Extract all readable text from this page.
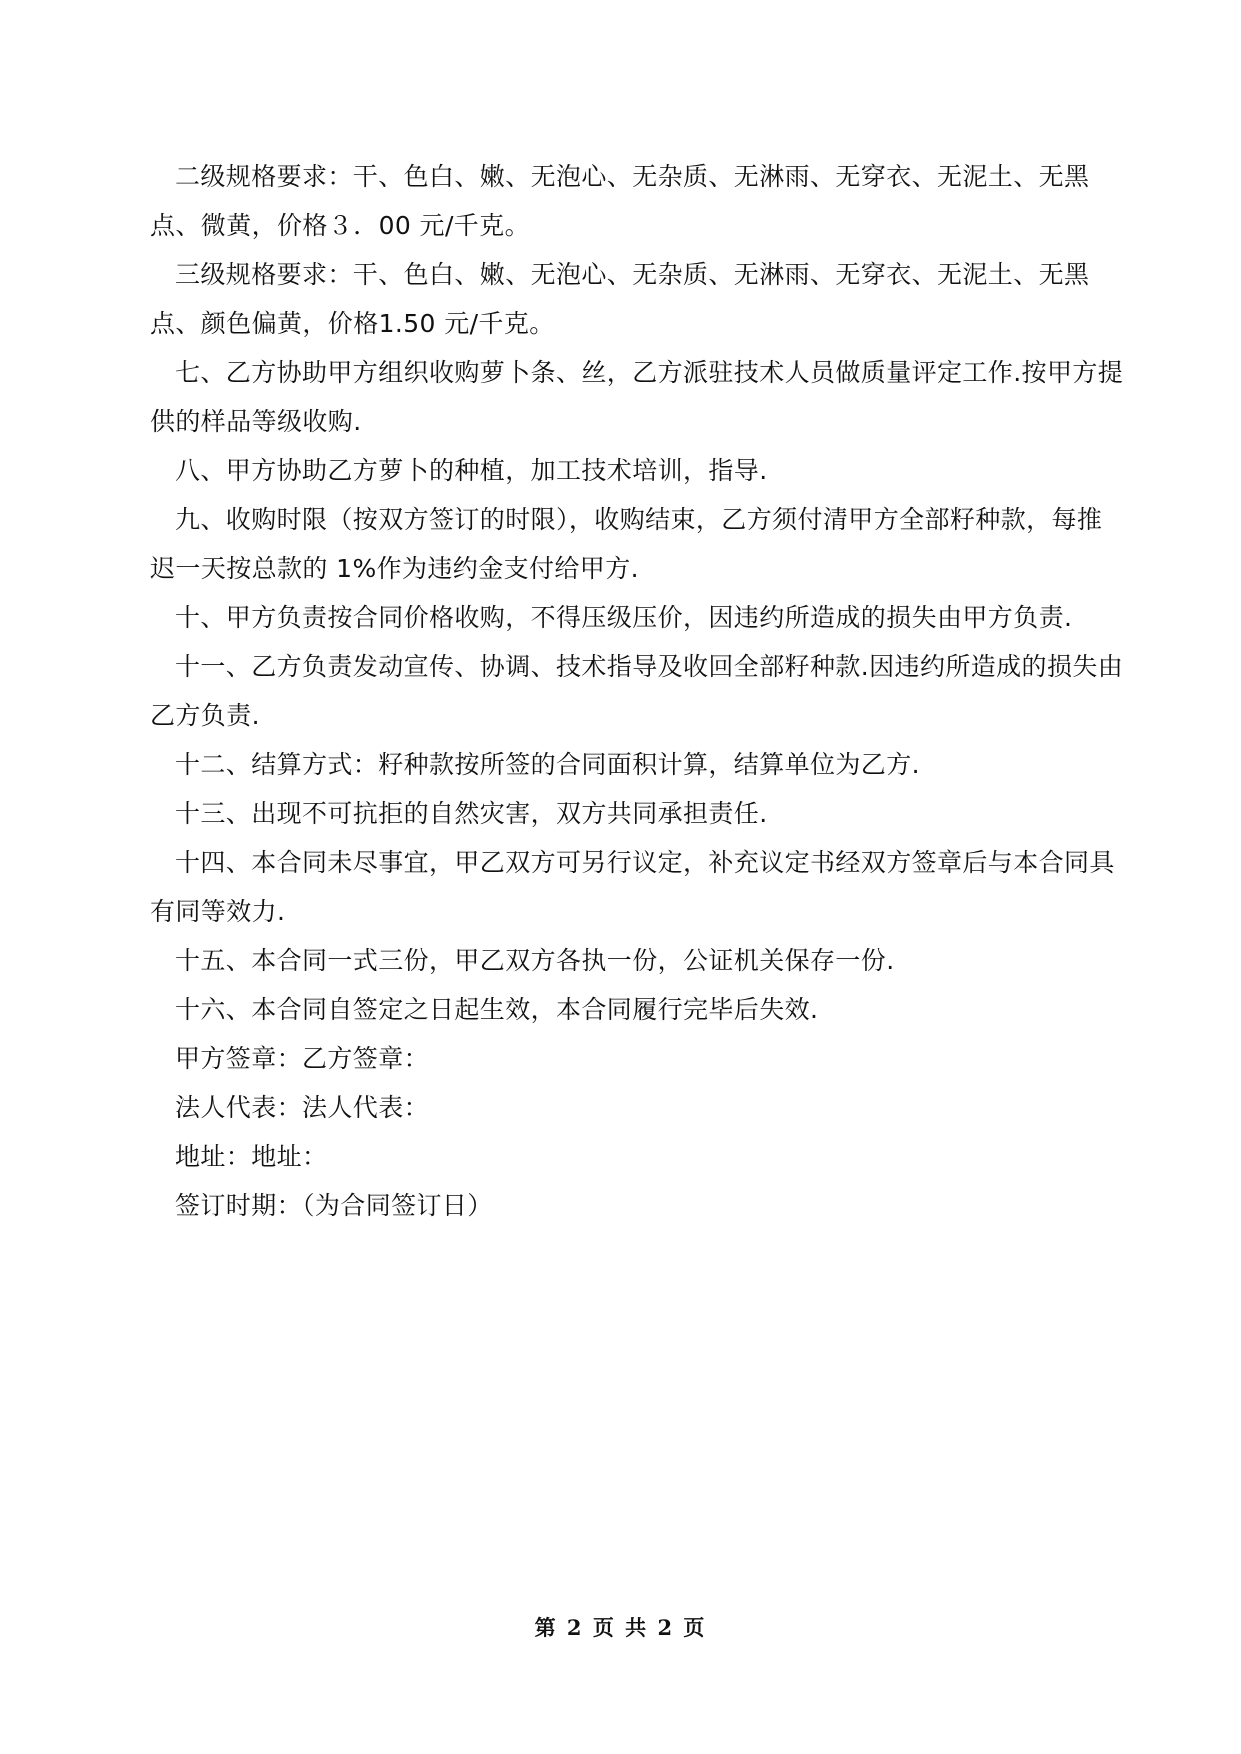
二级规格要求：干、色白、嫩、无泡心、无杂质、无淋雨、无穿衣、无泥土、无黑点、微黄，价格３．00 元/千克。

三级规格要求：干、色白、嫩、无泡心、无杂质、无淋雨、无穿衣、无泥土、无黑点、颜色偏黄，价格1.50 元/千克。

七、乙方协助甲方组织收购萝卜条、丝，乙方派驻技术人员做质量评定工作.按甲方提供的样品等级收购.

八、甲方协助乙方萝卜的种植，加工技术培训，指导.

九、收购时限（按双方签订的时限），收购结束，乙方须付清甲方全部籽种款，每推迟一天按总款的 1%作为违约金支付给甲方.

十、甲方负责按合同价格收购，不得压级压价，因违约所造成的损失由甲方负责.

十一、乙方负责发动宣传、协调、技术指导及收回全部籽种款.因违约所造成的损失由乙方负责.

十二、结算方式：籽种款按所签的合同面积计算，结算单位为乙方.

十三、出现不可抗拒的自然灾害，双方共同承担责任.

十四、本合同未尽事宜，甲乙双方可另行议定，补充议定书经双方签章后与本合同具有同等效力.

十五、本合同一式三份，甲乙双方各执一份，公证机关保存一份.

十六、本合同自签定之日起生效，本合同履行完毕后失效.

甲方签章：乙方签章：

法人代表：法人代表：

地址：地址：

签订时期：（为合同签订日）

第 2 页 共 2 页
